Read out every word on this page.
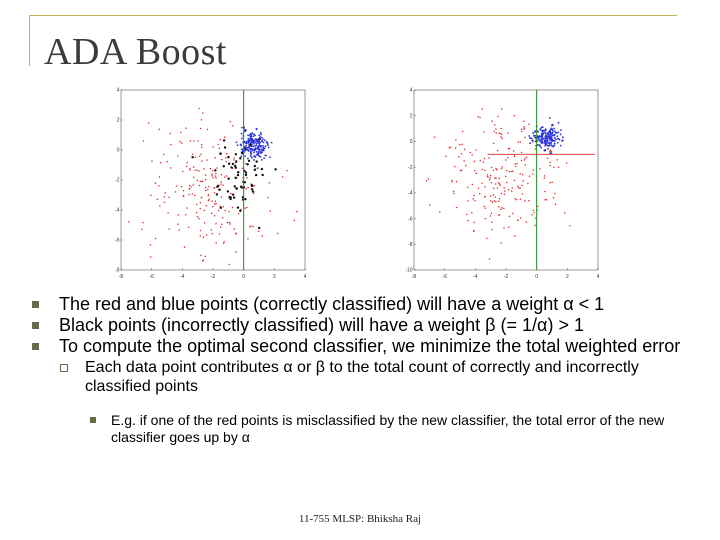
ADA Boost
-8	-6	-4	-2	0	2	4
4
2
0
-2
-4
-6
-8
-8	-6	-4	-2	0	2	4
4
2
0
-2
-4
-6
-8
-10
The red and blue points (correctly classified) will have a weight α < 1
Black points (incorrectly classified) will have a weight β (= 1/α) > 1
To compute the optimal second classifier, we minimize the total weighted error
Each data point contributes α or β to the total count of correctly and incorrectly classified points
E.g. if one of the red points is misclassified by the new classifier, the total error of the new classifier goes up by α
11-755 MLSP: Bhiksha Raj
